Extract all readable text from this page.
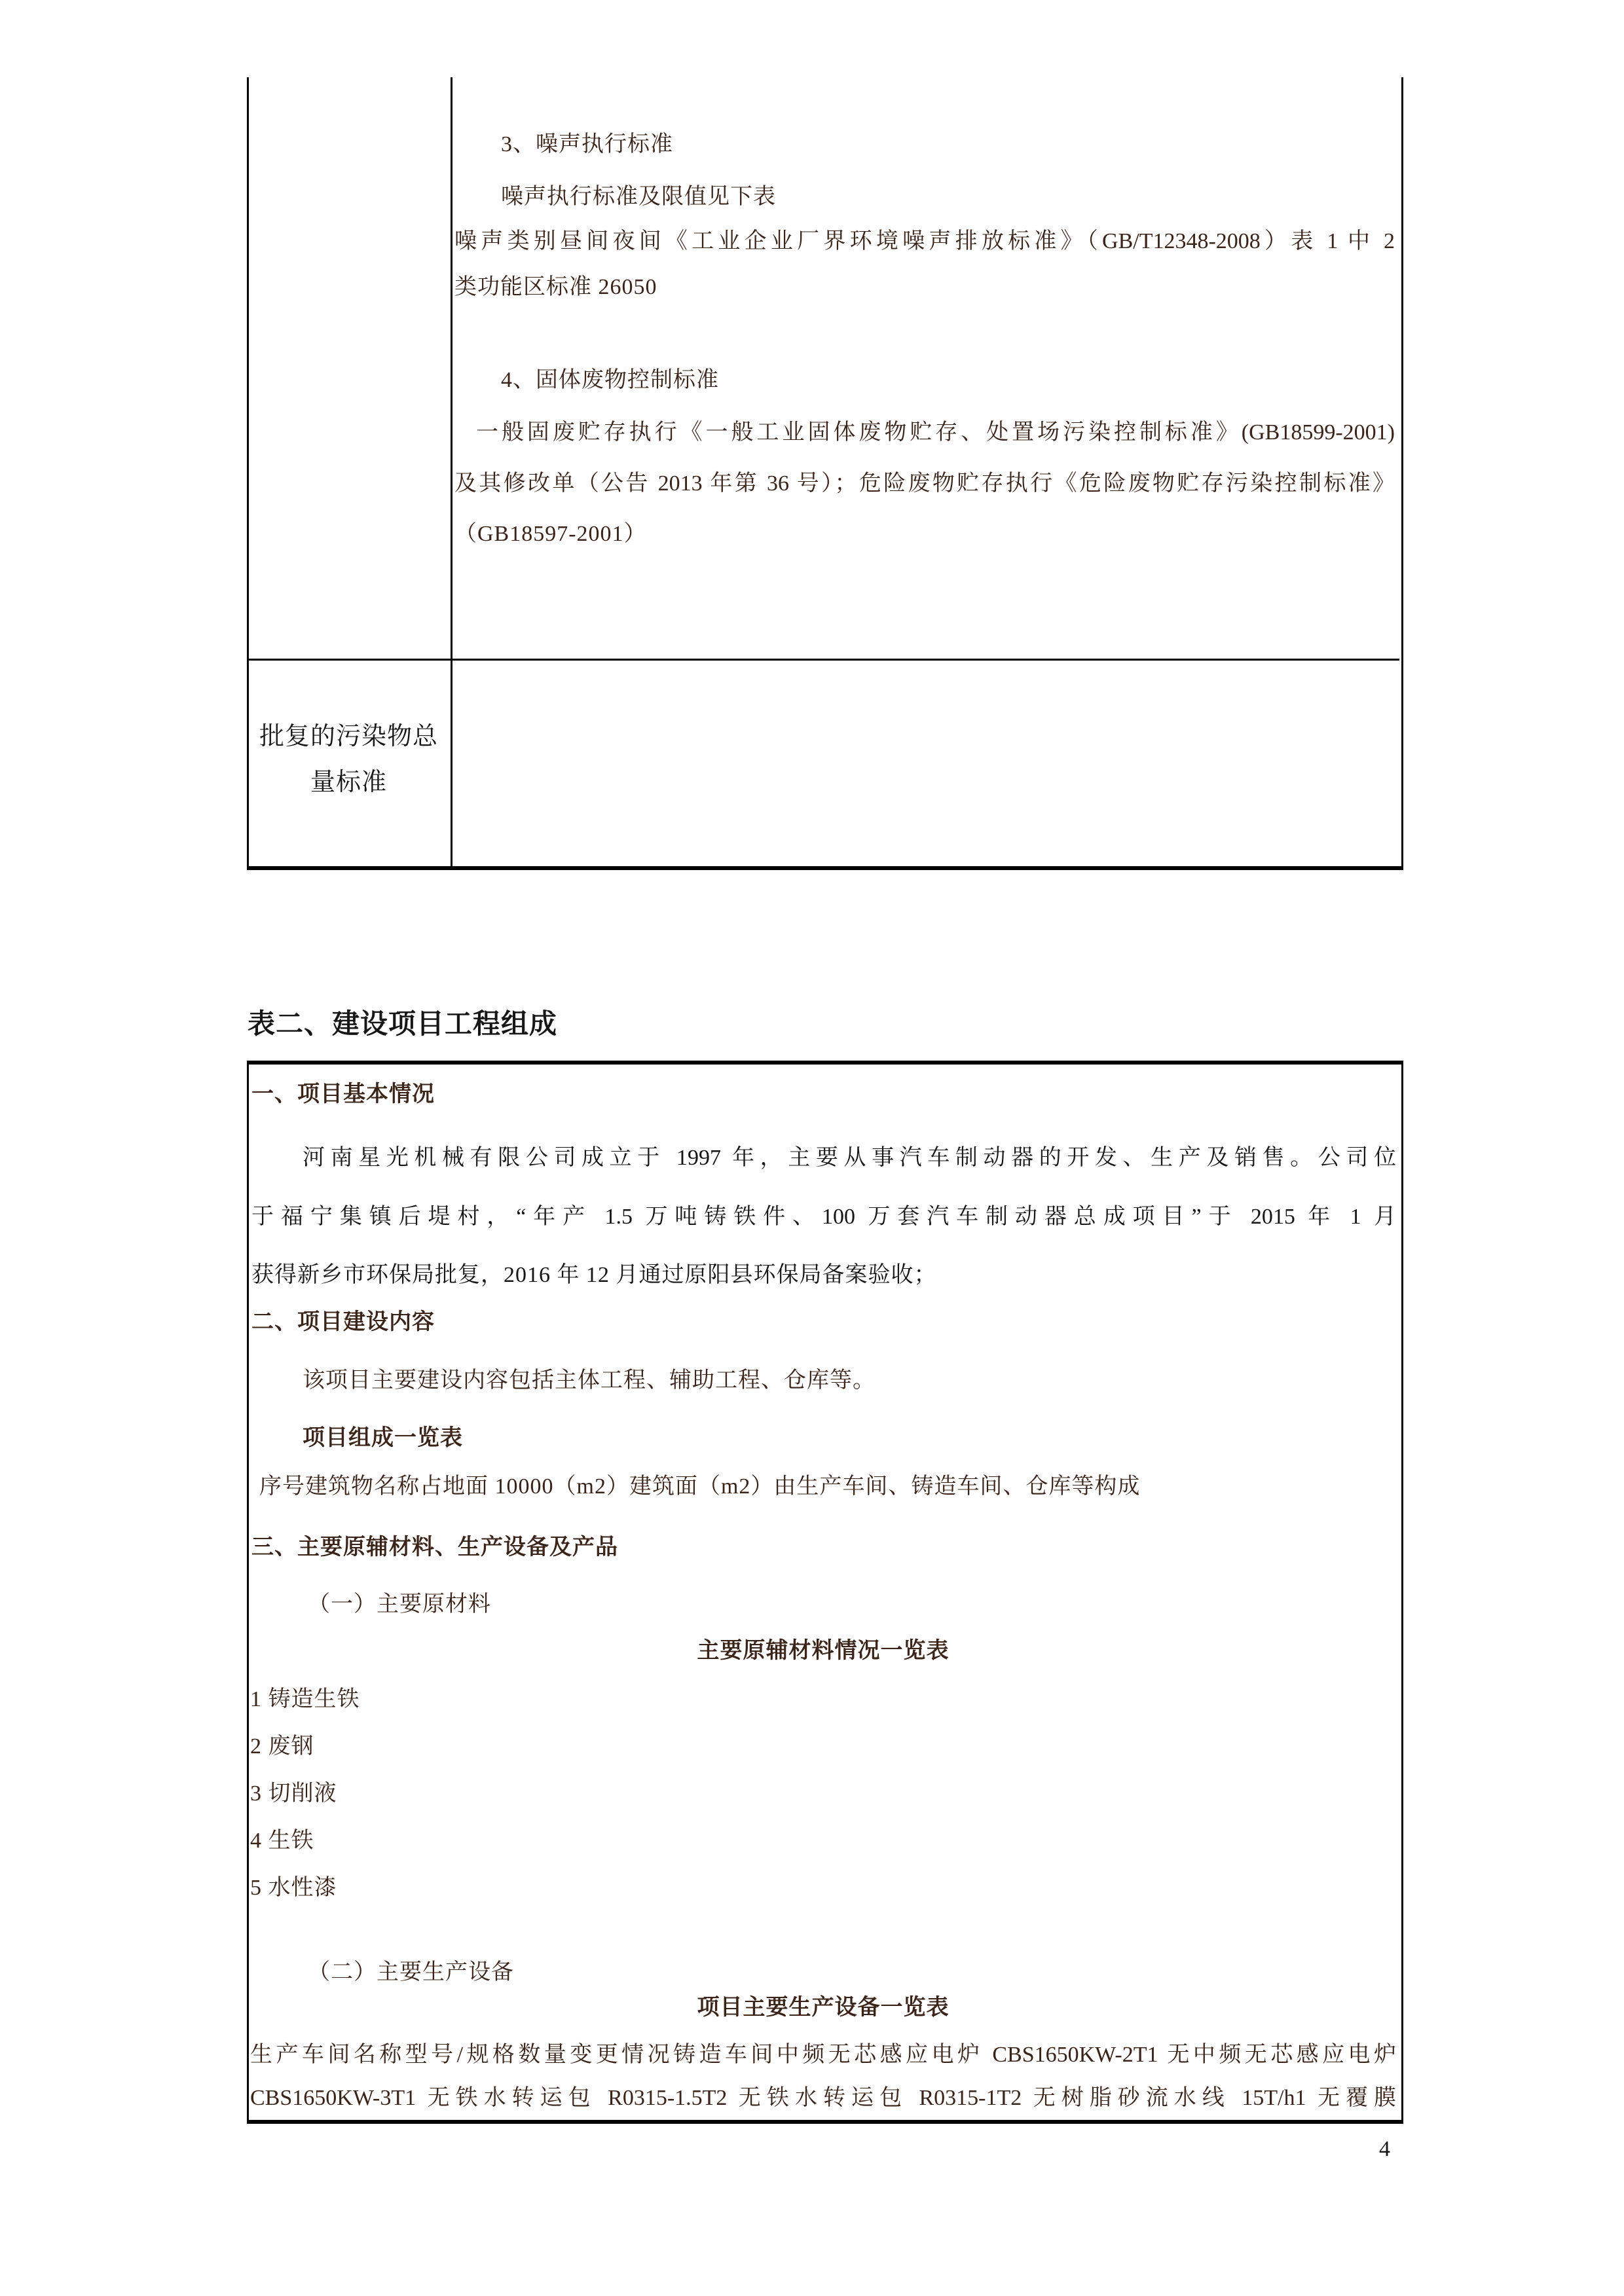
3、噪声执行标准
噪声执行标准及限值见下表
噪声类别昼间夜间《工业企业厂界环境噪声排放标准》（GB/T12348-2008）表 1 中 2
类功能区标准 26050
4、固体废物控制标准
一般固废贮存执行《一般工业固体废物贮存、处置场污染控制标准》(GB18599-2001)
及其修改单（公告 2013 年第 36 号）；危险废物贮存执行《危险废物贮存污染控制标准》
（GB18597-2001）
批复的污染物总
量标准
表二、建设项目工程组成
一、项目基本情况
河南星光机械有限公司成立于 1997 年，主要从事汽车制动器的开发、生产及销售。公司位
于福宁集镇后堤村，“年产 1.5 万吨铸铁件、100 万套汽车制动器总成项目”于 2015 年 1 月
获得新乡市环保局批复，2016 年 12 月通过原阳县环保局备案验收；
二、项目建设内容
该项目主要建设内容包括主体工程、辅助工程、仓库等。
项目组成一览表
序号建筑物名称占地面 10000（m2）建筑面（m2）由生产车间、铸造车间、仓库等构成
三、主要原辅材料、生产设备及产品
（一）主要原材料
主要原辅材料情况一览表
1 铸造生铁
2 废钢
3 切削液
4 生铁
5 水性漆
（二）主要生产设备
项目主要生产设备一览表
生产车间名称型号/规格数量变更情况铸造车间中频无芯感应电炉 CBS1650KW-2T1 无中频无芯感应电炉
CBS1650KW-3T1 无铁水转运包 R0315-1.5T2 无铁水转运包 R0315-1T2 无树脂砂流水线 15T/h1 无覆膜
4
